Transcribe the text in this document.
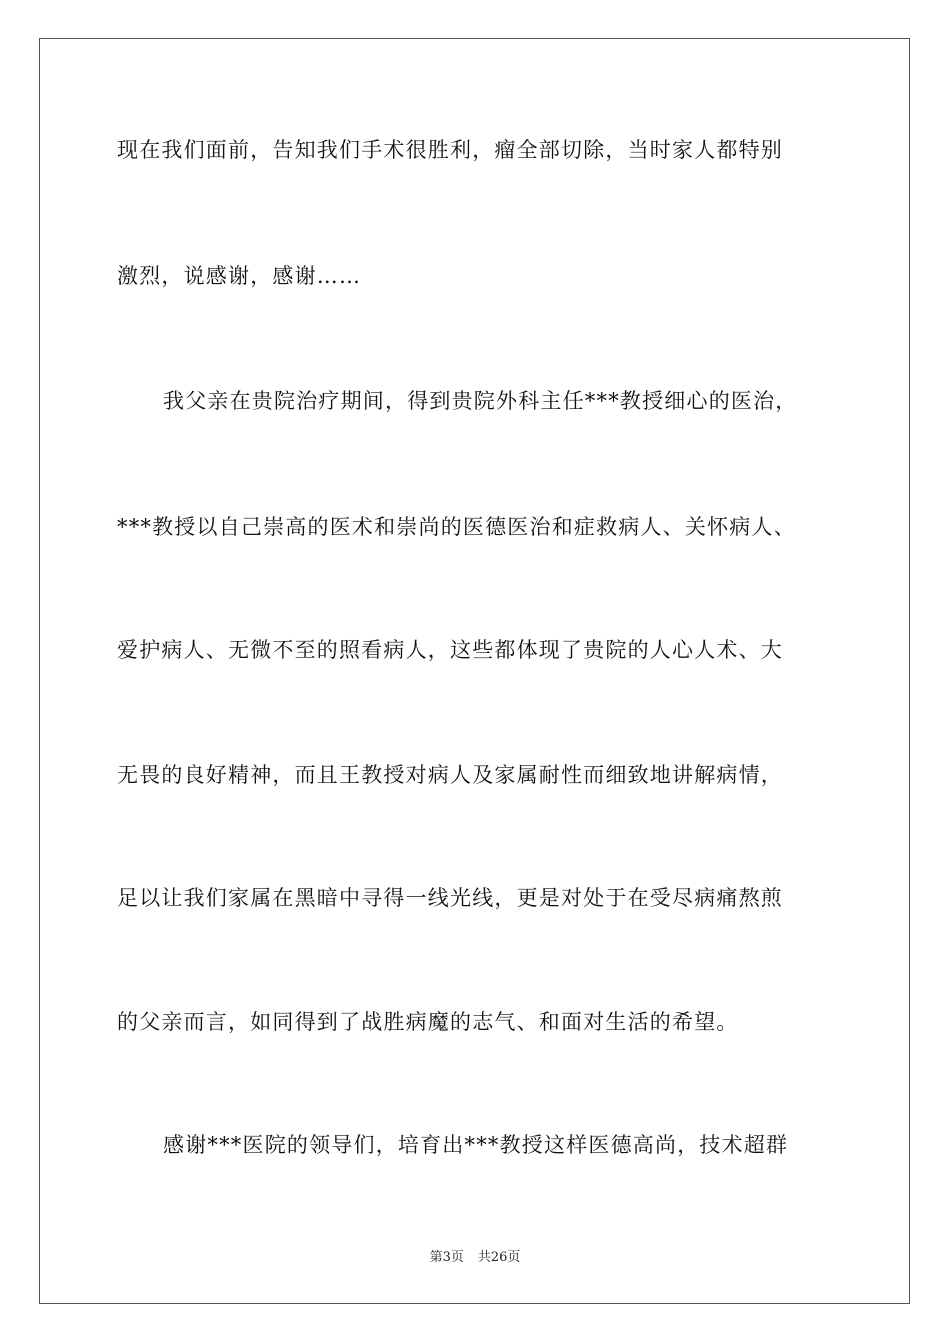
现在我们面前，告知我们手术很胜利，瘤全部切除，当时家人都特别
激烈，说感谢，感谢……
我父亲在贵院治疗期间，得到贵院外科主任***教授细心的医治，
***教授以自己崇高的医术和崇尚的医德医治和症救病人、关怀病人、
爱护病人、无微不至的照看病人，这些都体现了贵院的人心人术、大
无畏的良好精神，而且王教授对病人及家属耐性而细致地讲解病情，
足以让我们家属在黑暗中寻得一线光线，更是对处于在受尽病痛熬煎
的父亲而言，如同得到了战胜病魔的志气、和面对生活的希望。
感谢***医院的领导们，培育出***教授这样医德高尚，技术超群
第3页 共26页
